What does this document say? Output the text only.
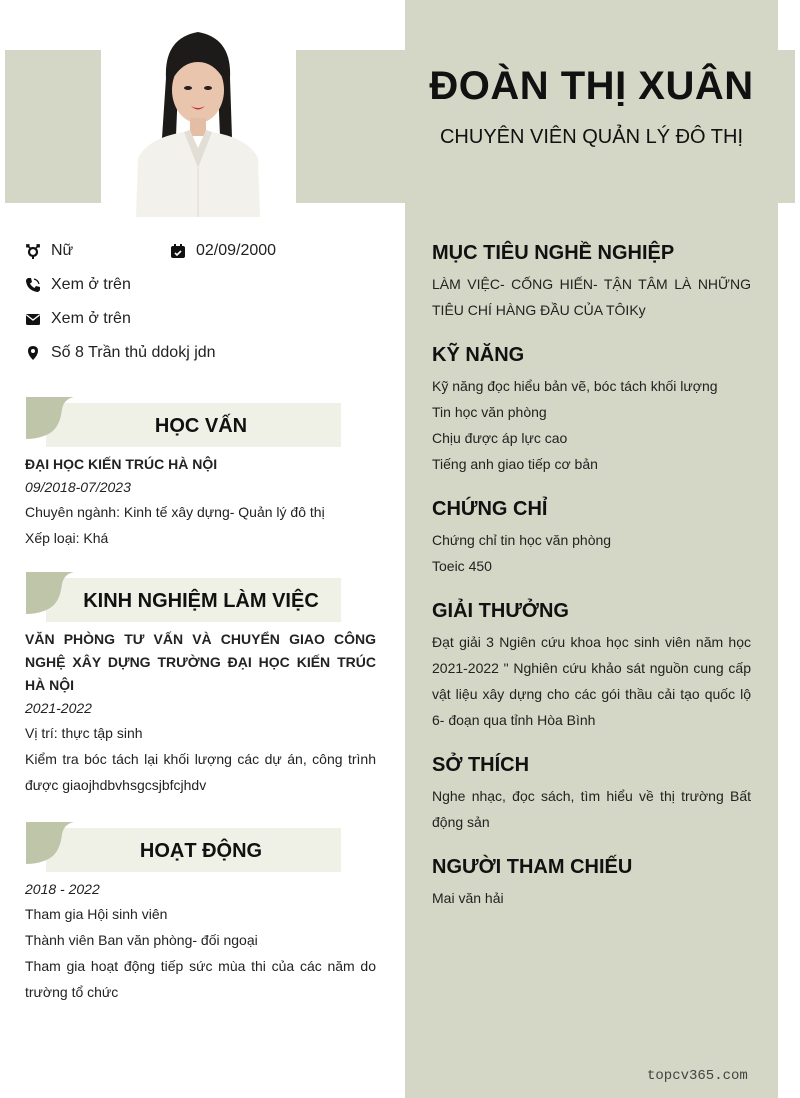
ĐOÀN THỊ XUÂN
CHUYÊN VIÊN QUẢN LÝ ĐÔ THỊ
Nữ	02/09/2000
Xem ở trên
Xem ở trên
Số 8 Trần thủ ddokj jdn
HỌC VẤN
ĐẠI HỌC KIẾN TRÚC HÀ NỘI
09/2018-07/2023

Chuyên ngành: Kinh tế xây dựng- Quản lý đô thị

Xếp loại: Khá

KINH NGHIỆM LÀM VIỆC
VĂN PHÒNG TƯ VẤN VÀ CHUYỂN GIAO CÔNG NGHỆ XÂY DỰNG TRƯỜNG ĐẠI HỌC KIẾN TRÚC HÀ NỘI
2021-2022

Vị trí: thực tập sinh

Kiểm tra bóc tách lại khối lượng các dự án, công trình được giaojhdbvhsgcsjbfcjhdv

HOẠT ĐỘNG
2018 - 2022

Tham gia Hội sinh viên

Thành viên Ban văn phòng- đối ngoại

Tham gia hoạt động tiếp sức mùa thi của các năm do trường tổ chức

MỤC TIÊU NGHỀ NGHIỆP

LÀM VIỆC- CỐNG HIẾN- TẬN TÂM LÀ NHỮNG TIÊU CHÍ HÀNG ĐẦU CỦA TÔIKy

KỸ NĂNG

Kỹ năng đọc hiểu bản vẽ, bóc tách khối lượng

Tin học văn phòng

Chịu được áp lực cao

Tiếng anh giao tiếp cơ bản

CHỨNG CHỈ

Chứng chỉ tin học văn phòng

Toeic 450

GIẢI THƯỞNG

Đạt giải 3 Ngiên cứu khoa học sinh viên năm học 2021-2022 " Nghiên cứu khảo sát nguồn cung cấp vật liệu xây dựng cho các gói thầu cải tạo quốc lộ 6- đoạn qua tỉnh Hòa Bình

SỞ THÍCH

Nghe nhạc, đọc sách, tìm hiểu về thị trường Bất động sản

NGƯỜI THAM CHIẾU

Mai văn hải

topcv365.com
